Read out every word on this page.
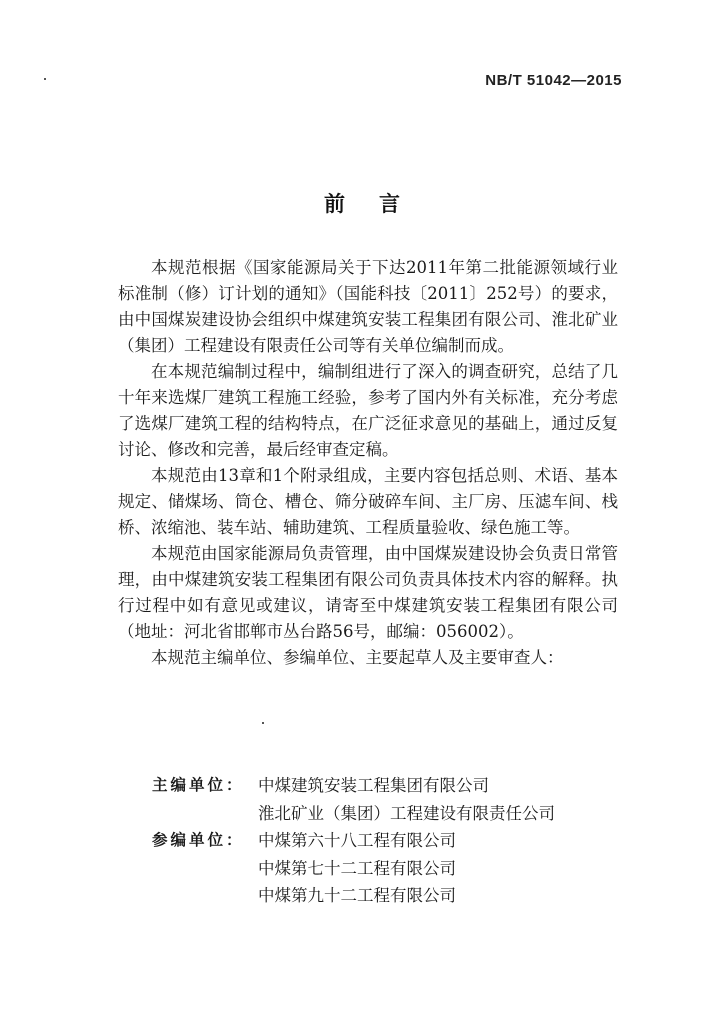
NB/T 51042—2015
前言

本规范根据《国家能源局关于下达2011年第二批能源领域行业标准制（修）订计划的通知》（国能科技〔2011〕252号）的要求，由中国煤炭建设协会组织中煤建筑安装工程集团有限公司、淮北矿业（集团）工程建设有限责任公司等有关单位编制而成。

在本规范编制过程中，编制组进行了深入的调查研究，总结了几十年来选煤厂建筑工程施工经验，参考了国内外有关标准，充分考虑了选煤厂建筑工程的结构特点，在广泛征求意见的基础上，通过反复讨论、修改和完善，最后经审查定稿。

本规范由13章和1个附录组成，主要内容包括总则、术语、基本规定、储煤场、筒仓、槽仓、筛分破碎车间、主厂房、压滤车间、栈桥、浓缩池、装车站、辅助建筑、工程质量验收、绿色施工等。

本规范由国家能源局负责管理，由中国煤炭建设协会负责日常管理，由中煤建筑安装工程集团有限公司负责具体技术内容的解释。执行过程中如有意见或建议，请寄至中煤建筑安装工程集团有限公司（地址：河北省邯郸市丛台路56号，邮编：056002）。

本规范主编单位、参编单位、主要起草人及主要审查人：

主编单位： 中煤建筑安装工程集团有限公司
淮北矿业（集团）工程建设有限责任公司
参编单位： 中煤第六十八工程有限公司
中煤第七十二工程有限公司
中煤第九十二工程有限公司
